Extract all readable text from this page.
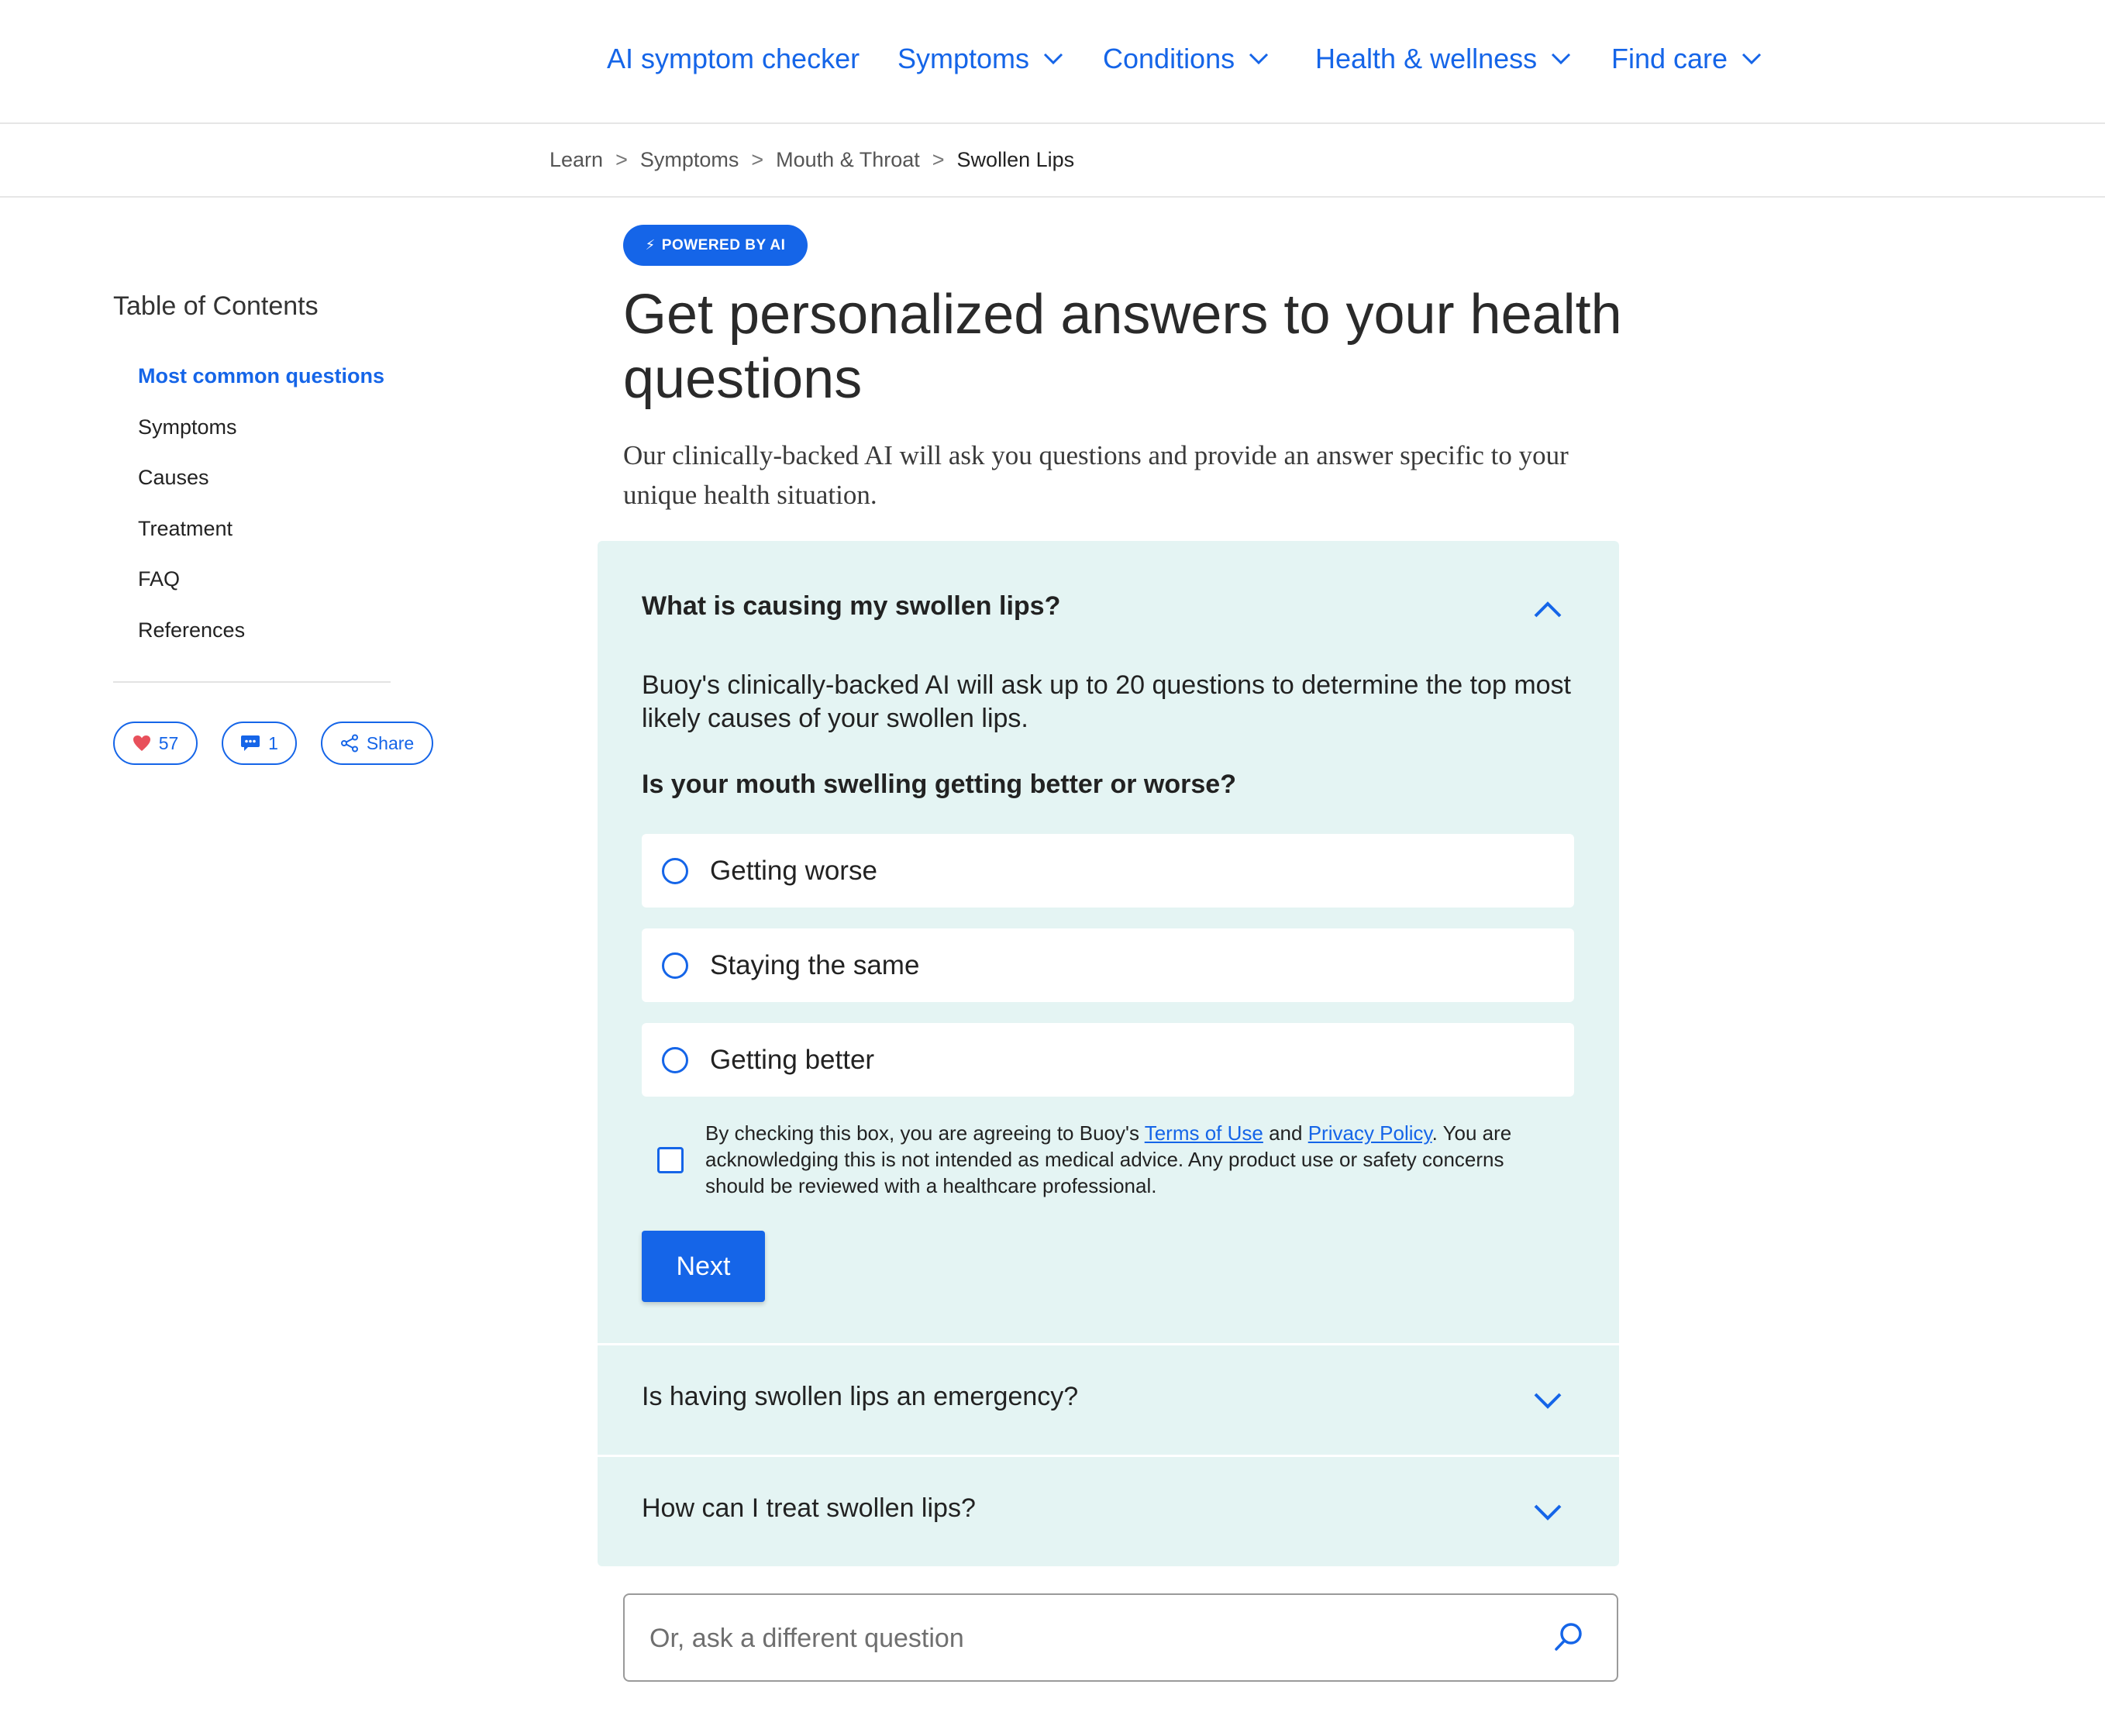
AI symptom checker Symptoms	Conditions	Health & wellness	Find care
Learn > Symptoms > Mouth & Throat > Swollen Lips
Table of Contents
Most common questions
Symptoms
Causes
Treatment
FAQ
References
57	1	Share
⚡ POWERED BY AI
Get personalized answers to your health questions

Our clinically-backed AI will ask you questions and provide an answer specific to your unique health situation.

What is causing my swollen lips?

Buoy's clinically-backed AI will ask up to 20 questions to determine the top most likely causes of your swollen lips.

Is your mouth swelling getting better or worse?
Getting worse
Staying the same
Getting better

By checking this box, you are agreeing to Buoy's Terms of Use and Privacy Policy. You are acknowledging this is not intended as medical advice. Any product use or safety concerns should be reviewed with a healthcare professional.

Next
Is having swollen lips an emergency?
How can I treat swollen lips?
Or, ask a different question
